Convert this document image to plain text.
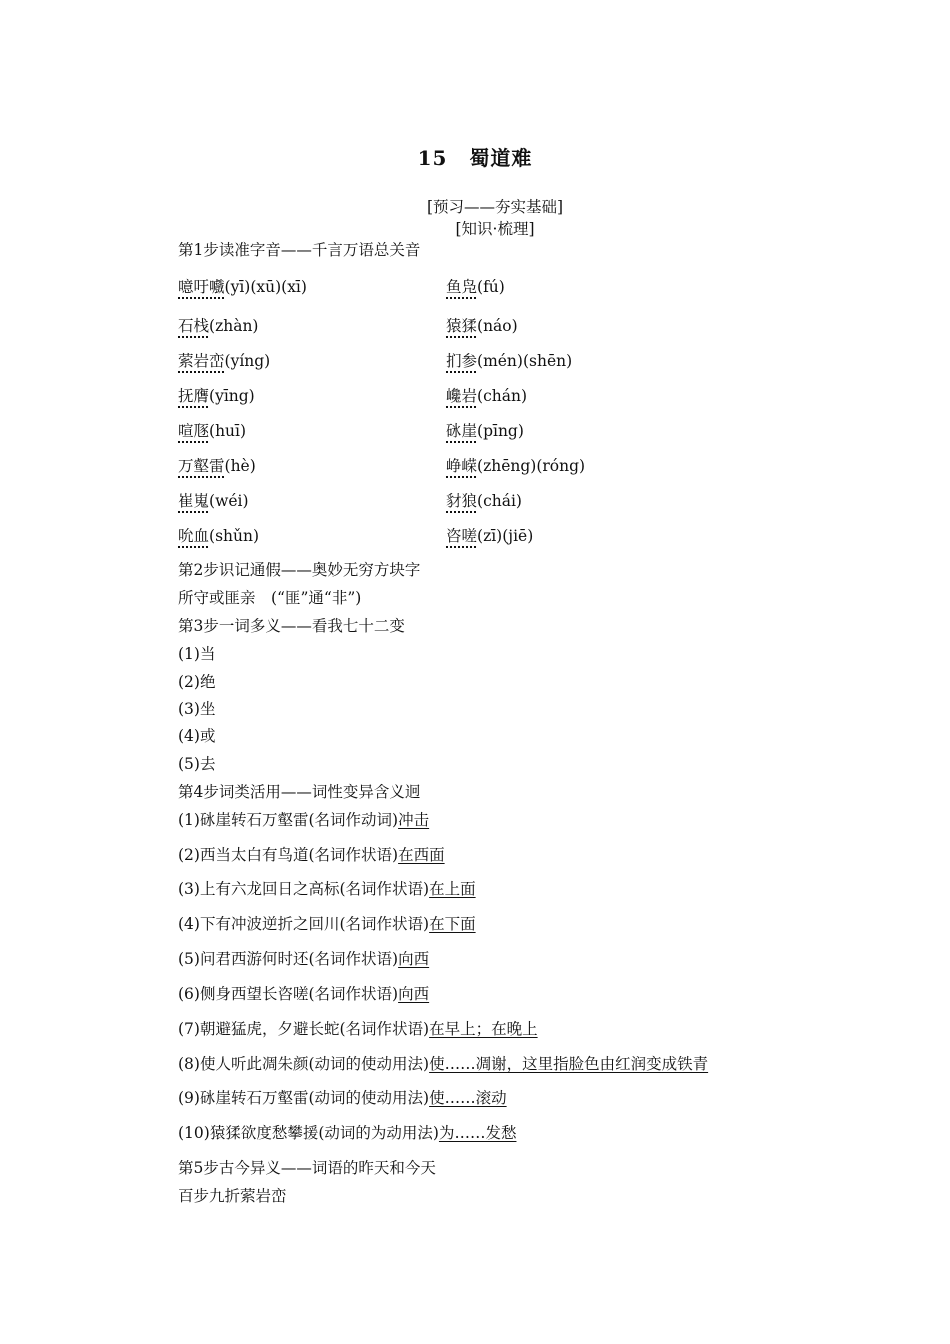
15 蜀道难
[预习——夯实基础]
[知识·梳理]
第1步读准字音——千言万语总关音
噫吁嚱(yī)(xū)(xī)	鱼凫(fú)
石栈(zhàn)	猿猱(náo)
萦岩峦(yíng)	扪参(mén)(shēn)
抚膺(yīng)	巉岩(chán)
喧豗(huī)	砯崖(pīng)
万壑雷(hè)	峥嵘(zhēng)(róng)
崔嵬(wéi)	豺狼(chái)
吮血(shǔn)	咨嗟(zī)(jiē)
第2步识记通假——奥妙无穷方块字
所守或匪亲　(“匪”通“非”)
第3步一词多义——看我七十二变
(1)当
(2)绝
(3)坐
(4)或
(5)去
第4步词类活用——词性变异含义迥
(1)砯崖转石万壑雷(名词作动词)冲击
(2)西当太白有鸟道(名词作状语)在西面
(3)上有六龙回日之高标(名词作状语)在上面
(4)下有冲波逆折之回川(名词作状语)在下面
(5)问君西游何时还(名词作状语)向西
(6)侧身西望长咨嗟(名词作状语)向西
(7)朝避猛虎，夕避长蛇(名词作状语)在早上；在晚上
(8)使人听此凋朱颜(动词的使动用法)使……凋谢，这里指脸色由红润变成铁青
(9)砯崖转石万壑雷(动词的使动用法)使……滚动
(10)猿猱欲度愁攀援(动词的为动用法)为……发愁
第5步古今异义——词语的昨天和今天
百步九折萦岩峦
